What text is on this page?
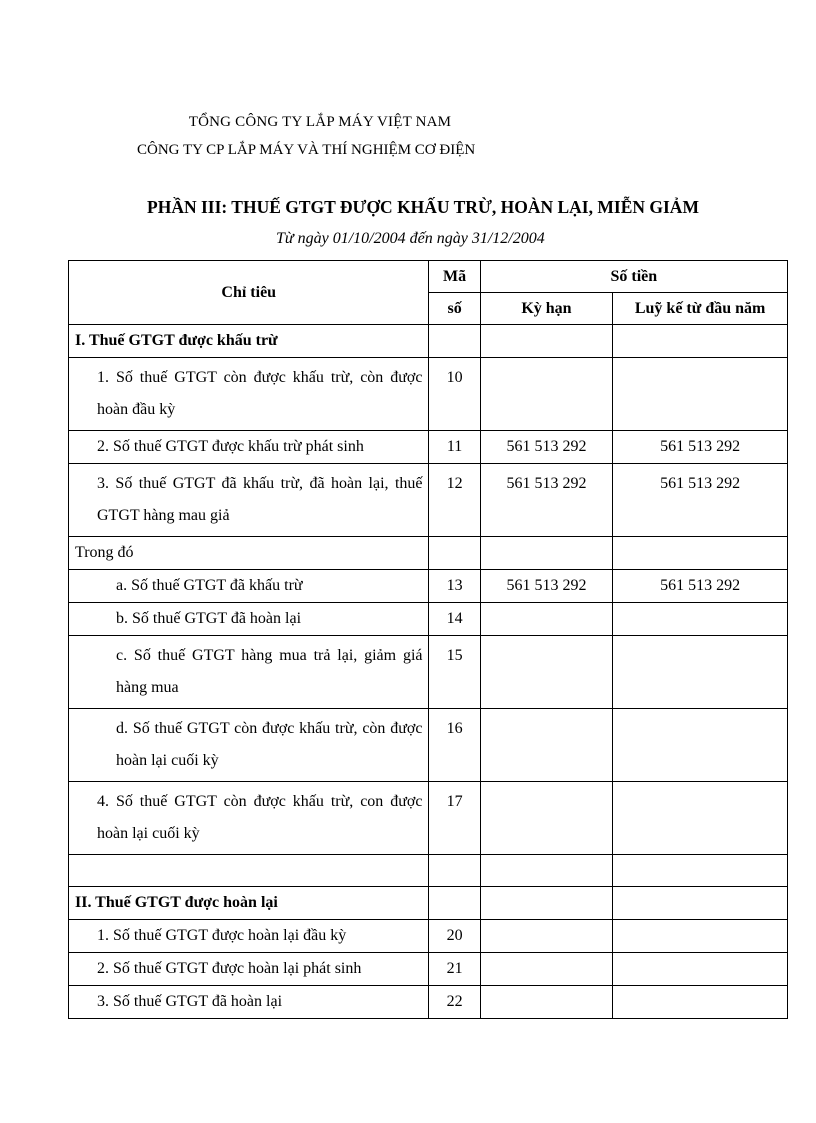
TỔNG CÔNG TY LẮP MÁY VIỆT NAM
CÔNG TY CP LẮP MÁY VÀ THÍ NGHIỆM CƠ ĐIỆN
PHẦN III: THUẾ GTGT ĐƯỢC KHẤU TRỪ, HOÀN LẠI, MIỄN GIẢM
Từ ngày 01/10/2004 đến ngày 31/12/2004
Chỉ tiêu	Mã	Số tiền	
	số	Kỳ hạn	Luỹ kế từ đầu năm
I. Thuế GTGT được khấu trừ			
1. Số thuế GTGT còn được khấu trừ, còn được hoàn đầu kỳ	10		
2. Số thuế GTGT được khấu trừ phát sinh	11	561 513 292	561 513 292
3. Số thuế GTGT đã khấu trừ, đã hoàn lại, thuế GTGT hàng mau giả	12	561 513 292	561 513 292
Trong đó			
a. Số thuế GTGT đã khấu trừ	13	561 513 292	561 513 292
b. Số thuế GTGT đã hoàn lại	14		
c. Số thuế GTGT hàng mua trả lại, giảm giá hàng mua	15		
d. Số thuế GTGT còn được khấu trừ, còn được hoàn lại cuối kỳ	16		
4. Số thuế GTGT còn được khấu trừ, con được hoàn lại cuối kỳ	17		

II. Thuế GTGT được hoàn lại			
1. Số thuế GTGT được hoàn lại đầu kỳ	20		
2. Số thuế GTGT được hoàn lại phát sinh	21		
3. Số thuế GTGT đã hoàn lại	22		
